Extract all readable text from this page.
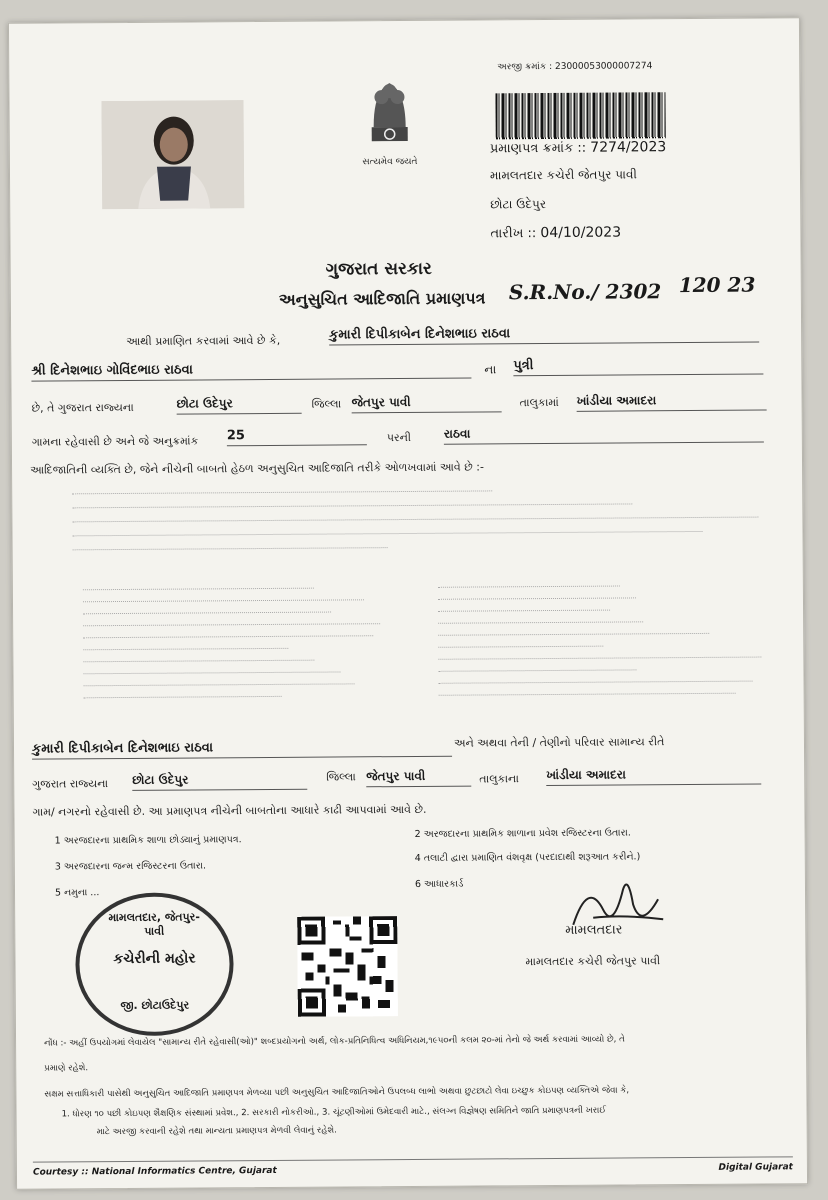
સત્યમેવ જયતે
અરજી ક્રમાંક : 23000053000007274
પ્રમાણપત્ર ક્રમાંક :: 7274/2023
મામલતદાર કચેરી જેતપુર પાવી
છોટા ઉદેપુર
તારીખ :: 04/10/2023
ગુજરાત સરકાર
અનુસુચિત આદિજાતિ પ્રમાણપત્ર S.R.No./ 2302 120 23
આથી પ્રમાણિત કરવામાં આવે છે કે,	કુમારી દિપીકાબેન દિનેશભાઇ રાઠવા
શ્રી દિનેશભાઇ ગોવિંદભાઇ રાઠવા	ના પુત્રી
છે, તે ગુજરાત રાજ્યના	છોટા ઉદેપુર	જિલ્લા જેતપુર પાવી	તાલુકામાં ખાંડીયા અમાદરા
ગામના રહેવાસી છે અને જે અનુક્રમાંક 25	પરની	રાઠવા
આદિજાતિની વ્યક્તિ છે, જેને નીચેની બાબતો હેઠળ અનુસુચિત આદિજાતિ તરીકે ઓળખવામાં આવે છે :-
કુમારી દિપીકાબેન દિનેશભાઇ રાઠવા	અને અથવા તેની / તેણીનો પરિવાર સામાન્ય રીતે
ગુજરાત રાજ્યના છોટા ઉદેપુર	જિલ્લા જેતપુર પાવી	તાલુકાના ખાંડીયા અમાદરા
ગામ/ નગરનો રહેવાસી છે. આ પ્રમાણપત્ર નીચેની બાબતોના આધારે કાઢી આપવામાં આવે છે.
1 અરજદારના પ્રાથમિક શાળા છોડ્યાનું પ્રમાણપત્ર.
2 અરજદારના પ્રાથમિક શાળાના પ્રવેશ રજિસ્ટરના ઉતારા.
3 અરજદારના જન્મ રજિસ્ટરના ઉતારા.
4 તલાટી દ્વારા પ્રમાણિત વંશવૃક્ષ (પરદાદાથી શરૂઆત કરીને.)
5 નમુના ...
6 આધારકાર્ડ
મામલતદાર, જેતપુર-પાવી
કચેરીની મહોર
જી. છોટાઉદેપુર
મામલતદાર
મામલતદાર કચેરી જેતપુર પાવી
નોંધ :- અહીં ઉપયોગમાં લેવાયેલ "સામાન્ય રીતે રહેવાસી(ઓ)" શબ્દપ્રયોગનો અર્થ, લોક-પ્રતિનિધિત્વ અધિનિયમ,૧૯૫૦ની કલમ ૨૦-માં તેનો જે અર્થ કરવામાં આવ્યો છે, તે
પ્રમાણે રહેશે.
સક્ષમ સત્તાધિકારી પાસેથી અનુસુચિત આદિજાતિ પ્રમાણપત્ર મેળવ્યા પછી અનુસુચિત આદિજાતિઓને ઉપલબ્ધ લાભો અથવા છુટછાટો લેવા ઇચ્છુક કોઇપણ વ્યક્તિએ જેવા કે,
1. ધોરણ ૧૦ પછી કોઇપણ શૈક્ષણિક સંસ્થામાં પ્રવેશ., 2. સરકારી નોકરીઓ., 3. ચૂંટણીઓમાં ઉમેદવારી માટે., સંલગ્ન વિજ્ઞેષણ સમિતિને જાતિ પ્રમાણપત્રની ખરાઈ
માટે અરજી કરવાની રહેશે તથા માન્યતા પ્રમાણપત્ર મેળવી લેવાનું રહેશે.
Courtesy :: National Informatics Centre, Gujarat	Digital Gujarat
